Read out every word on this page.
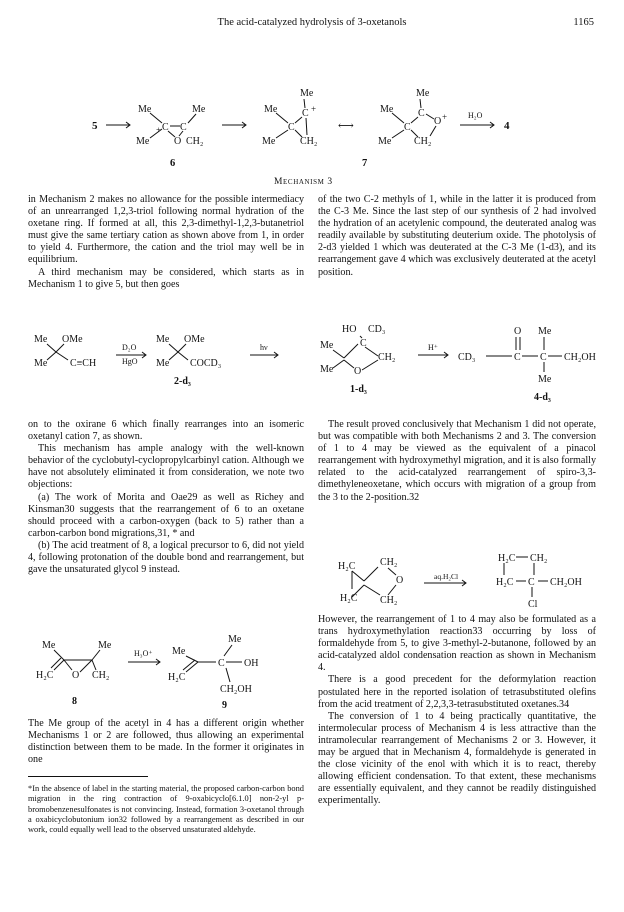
The acid-catalyzed hydrolysis of 3-oxetanols	1165
5
Me	Me
Me
+ C C
O CH₂
6
Me
Me
Me
C
C +
CH₂
⟷
Me
Me
Me
C
C
O +
CH₂
7
H₂O
4
Mechanism 3

in Mechanism 2 makes no allowance for the possible intermediacy of an unrearranged 1,2,3-triol following normal hydration of the oxetane ring. If formed at all, this 2,3-dimethyl-1,2,3-butanetriol must give the same tertiary cation as shown above from 1, in order to yield 4. Furthermore, the cation and the triol may well be in equilibrium.

A third mechanism may be considered, which starts as in Mechanism 1 to give 5, but then goes

of the two C-2 methyls of 1, while in the latter it is produced from the C-3 Me. Since the last step of our synthesis of 2 had involved the hydration of an acetylenic compound, the deuterated analog was readily available by substituting deuterium oxide. The photolysis of 2-d3 yielded 1 which was deuterated at the C-3 Me (1-d3), and its rearrangement gave 4 which was exclusively deuterated at the acetyl position.

Me OMe
Me C≡CH
D₂O
HgO
Me OMe
Me COCD₃
2-d₃
hν
HO CD₃
Me
Me
C
CH₂
O
1-d₃
H⁺
O Me
CD₃	C C CH₂OH
Me
4-d₃

on to the oxirane 6 which finally rearranges into an isomeric oxetanyl cation 7, as shown.

This mechanism has ample analogy with the well-known behavior of the cyclobutyl-cyclopropylcarbinyl cation. Although we have not absolutely eliminated it from consideration, we note two objections:

(a) The work of Morita and Oae29 as well as Richey and Kinsman30 suggests that the rearrangement of 6 to an oxetane should proceed with a carbon-oxygen (back to 5) rather than a carbon-carbon bond migrations,31, * and

(b) The acid treatment of 8, a logical precursor to 6, did not yield 4, following protonation of the double bond and rearrangement, but gave the unsaturated glycol 9 instead.

Me	Me
H₂C O CH₂
8
H₃O⁺
Me
Me
H₂C
C OH
CH₂OH
9

The Me group of the acetyl in 4 has a different origin whether Mechanisms 1 or 2 are followed, thus allowing an experimental distinction between them to be made. In the former it originates in one

*In the absence of label in the starting material, the proposed carbon-carbon bond migration in the ring contraction of 9-oxabicyclo[6.1.0] non-2-yl p-bromobenzenesulfonates is not convincing. Instead, formation 3-oxetanol through a oxabicyclobutonium ion32 followed by a rearrangement as described in our work, could equally well lead to the observed unsaturated aldehyde.

The result proved conclusively that Mechanism 1 did not operate, but was compatible with both Mechanisms 2 and 3. The conversion of 1 to 4 may be viewed as the equivalent of a pinacol rearrangement with hydroxymethyl migration, and it is also formally related to the acid-catalyzed rearrangement of spiro-3,3-dimethyleneoxetane, which occurs with migration of a group from the 3 to the 2-position.32

H₂C CH₂
O
H₂C CH₂
aq.H₂Cl
H₂C CH₂
H₂C C CH₂OH
Cl

However, the rearrangement of 1 to 4 may also be formulated as a trans hydroxymethylation reaction33 occurring by loss of formaldehyde from 5, to give 3-methyl-2-butanone, followed by an acid-catalyzed aldol condensation reaction as shown in Mechanism 4.

There is a good precedent for the deformylation reaction postulated here in the reported isolation of tetrasubstituted olefins from the acid treatment of 2,2,3,3-tetrasubstituted oxetanes.34

The conversion of 1 to 4 being practically quantitative, the intermolecular process of Mechanism 4 is less attractive than the intramolecular rearrangement of Mechanisms 2 or 3. However, it may be argued that in Mechanism 4, formaldehyde is generated in the close vicinity of the enol with which it is to react, thereby allowing efficient condensation. To that extent, these mechanisms are essentially equivalent, and they cannot be readily distinguished experimentally.
